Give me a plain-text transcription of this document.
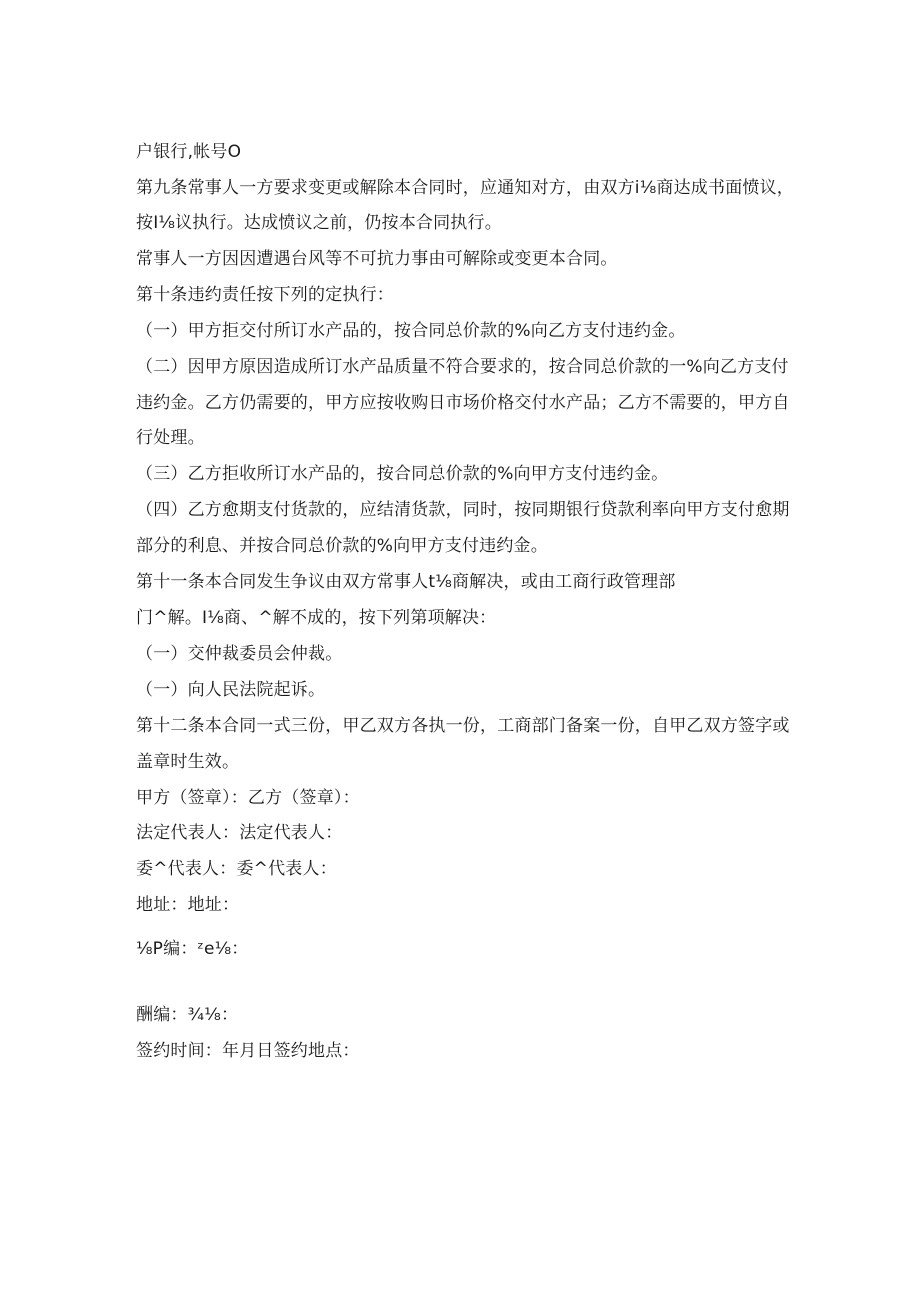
户银行,帐号O
第九条常事人一方要求变更或解除本合同时，应通知对方，由双方i⅛商达成书面愤议，
按I⅛议执行。达成愤议之前，仍按本合同执行。
常事人一方因因遭遇台风等不可抗力事由可解除或变更本合同。
第十条违约责任按下列的定执行：
（一）甲方拒交付所订水产品的，按合同总价款的%向乙方支付违约金。
（二）因甲方原因造成所订水产品质量不符合要求的，按合同总价款的一%向乙方支付
违约金。乙方仍需要的，甲方应按收购日市场价格交付水产品；乙方不需要的，甲方自
行处理。
（三）乙方拒收所订水产品的，按合同总价款的%向甲方支付违约金。
（四）乙方愈期支付货款的，应结清货款，同时，按同期银行贷款利率向甲方支付愈期
部分的利息、并按合同总价款的%向甲方支付违约金。
第十一条本合同发生争议由双方常事人t⅛商解决，或由工商行政管理部
门^解。I⅛商、^解不成的，按下列第项解决：
（一）交仲裁委员会仲裁。
（一）向人民法院起诉。
第十二条本合同一式三份，甲乙双方各执一份，工商部门备案一份，自甲乙双方签字或
盖章时生效。
甲方（签章）：乙方（签章）：
法定代表人：法定代表人：
委^代表人：委^代表人：
地址：地址：
⅛P编：ᶻe⅛：
酬编：¾⅛：
签约时间：年月日签约地点：
